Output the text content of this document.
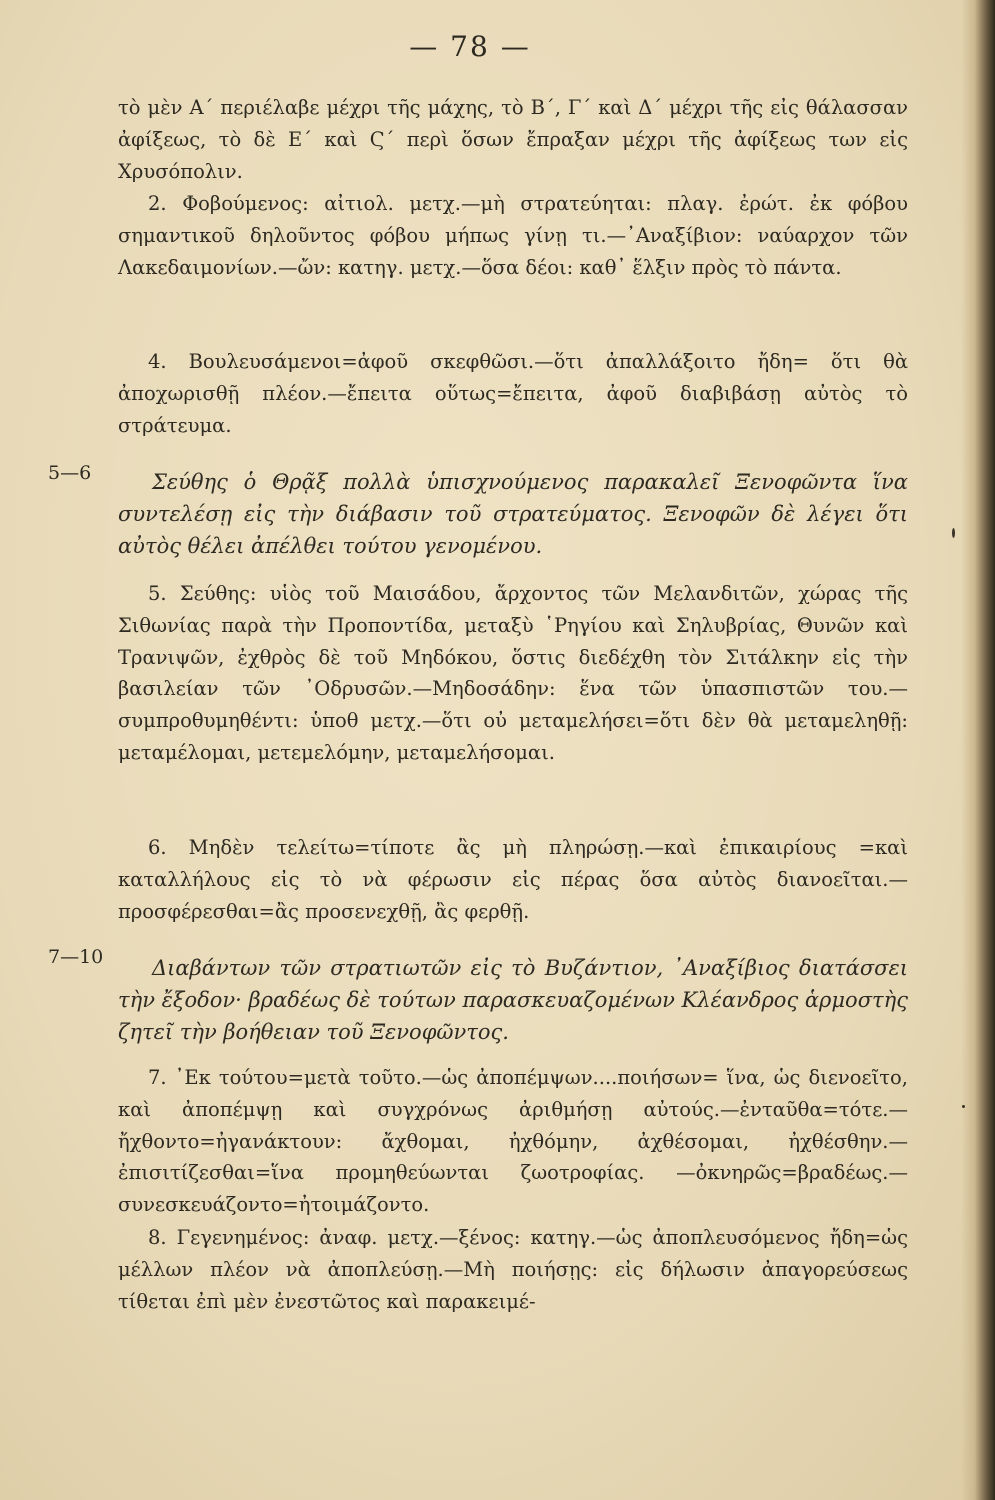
— 78 —

τὸ μὲν Α΄ περιέλαβε μέχρι τῆς μάχης, τὸ Β΄, Γ΄ καὶ Δ΄ μέχρι τῆς εἰς θάλασσαν ἀφίξεως, τὸ δὲ Ε΄ καὶ Ϛ΄ περὶ ὅσων ἔπραξαν μέχρι τῆς ἀφίξεως των εἰς Χρυσόπολιν.

2. Φοβούμενος: αἰτιολ. μετχ.—μὴ στρατεύηται: πλαγ. ἐρώτ. ἐκ φόβου σημαντικοῦ δηλοῦντος φόβου μήπως γίνῃ τι.—᾿Αναξίβιον: ναύαρχον τῶν Λακεδαιμονίων.—ὤν: κατηγ. μετχ.—ὅσα δέοι: καθ᾿ ἕλξιν πρὸς τὸ πάντα.

4. Βουλευσάμενοι=ἀφοῦ σκεφθῶσι.—ὅτι ἀπαλλάξοιτο ἤδη= ὅτι θὰ ἀποχωρισθῇ πλέον.—ἔπειτα οὕτως=ἔπειτα, ἀφοῦ διαβιβάσῃ αὐτὸς τὸ στράτευμα.

5—6	Σεύθης ὁ Θρᾷξ πολλὰ ὑπισχνούμενος παρακαλεῖ Ξενοφῶντα ἵνα συντελέσῃ εἰς τὴν διάβασιν τοῦ στρατεύματος. Ξενοφῶν δὲ λέγει ὅτι αὐτὸς θέλει ἀπέλθει τούτου γενομένου.

5. Σεύθης: υἱὸς τοῦ Μαισάδου, ἄρχοντος τῶν Μελανδιτῶν, χώρας τῆς Σιθωνίας παρὰ τὴν Προποντίδα, μεταξὺ ῾Ρηγίου καὶ Σηλυβρίας, Θυνῶν καὶ Τρανιψῶν, ἐχθρὸς δὲ τοῦ Μηδόκου, ὅστις διεδέχθη τὸν Σιτάλκην εἰς τὴν βασιλείαν τῶν ᾿Οδρυσῶν.—Μηδοσάδην: ἕνα τῶν ὑπασπιστῶν του.—συμπροθυμηθέντι: ὑποθ μετχ.—ὅτι οὐ μεταμελήσει=ὅτι δὲν θὰ μεταμεληθῇ: μεταμέλομαι, μετεμελόμην, μεταμελήσομαι.

6. Μηδὲν τελείτω=τίποτε ἂς μὴ πληρώσῃ.—καὶ ἐπικαιρίους =καὶ καταλλήλους εἰς τὸ νὰ φέρωσιν εἰς πέρας ὅσα αὐτὸς διανοεῖται.—προσφέρεσθαι=ἂς προσενεχθῇ, ἂς φερθῇ.

7—10	Διαβάντων τῶν στρατιωτῶν εἰς τὸ Βυζάντιον, ᾿Αναξίβιος διατάσσει τὴν ἔξοδον· βραδέως δὲ τούτων παρασκευαζομένων Κλέανδρος ἁρμοστὴς ζητεῖ τὴν βοήθειαν τοῦ Ξενοφῶντος.

7. ᾿Εκ τούτου=μετὰ τοῦτο.—ὡς ἀποπέμψων....ποιήσων= ἵνα, ὡς διενοεῖτο, καὶ ἀποπέμψῃ καὶ συγχρόνως ἀριθμήσῃ αὐτούς.—ἐνταῦθα=τότε.—ἤχθοντο=ἠγανάκτουν: ἄχθομαι, ἠχθόμην, ἀχθέσομαι, ἠχθέσθην.—ἐπισιτίζεσθαι=ἵνα προμηθεύωνται ζωοτροφίας. —ὀκνηρῶς=βραδέως.—συνεσκευάζοντο=ἠτοιμάζοντο.

8. Γεγενημένος: ἀναφ. μετχ.—ξένος: κατηγ.—ὡς ἀποπλευσόμενος ἤδη=ὡς μέλλων πλέον νὰ ἀποπλεύσῃ.—Μὴ ποιήσῃς: εἰς δήλωσιν ἀπαγορεύσεως τίθεται ἐπὶ μὲν ἐνεστῶτος καὶ παρακειμέ-
